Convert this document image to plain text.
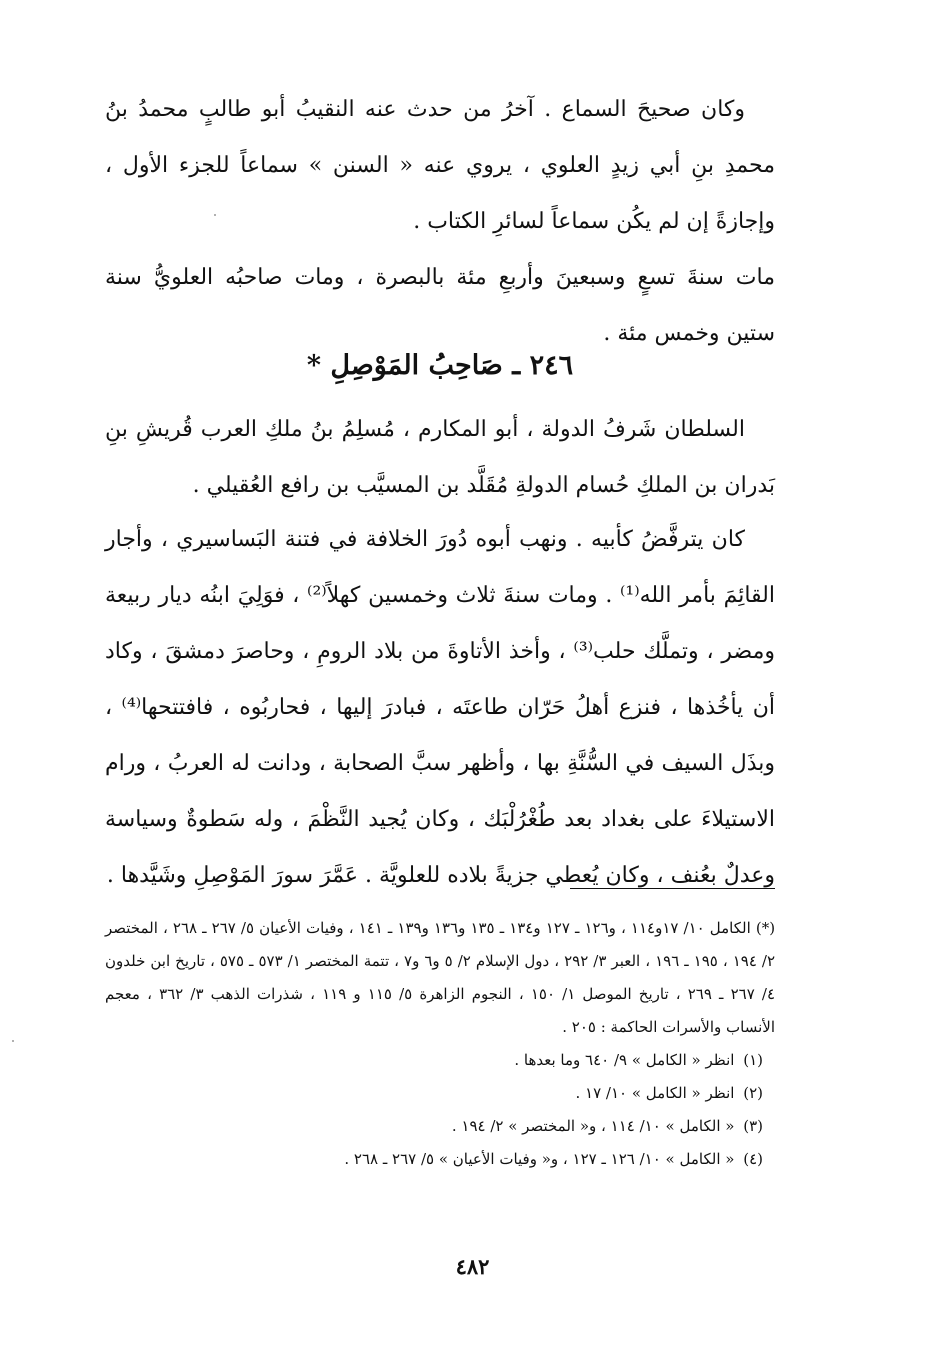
وكان صحيحَ السماع . آخرُ من حدث عنه النقيبُ أبو طالبٍ محمدُ بنُ محمدِ بنِ أبي زيدٍ العلوي ، يروي عنه « السنن » سماعاً للجزء الأول ، وإجازةً إن لم يكُن سماعاً لسائرِ الكتاب .

مات سنةَ تسعٍ وسبعينَ وأربعِ مئة بالبصرة ، ومات صاحبُه العلويُّ سنة ستين وخمس مئة .

٢٤٦ ـ صَاحِبُ المَوْصِلِ *

السلطان شَرفُ الدولة ، أبو المكارم ، مُسلِمُ بنُ ملكِ العرب قُريشِ بنِ بَدران بن الملكِ حُسام الدولةِ مُقَلَّد بن المسيَّب بن رافع العُقيلي .

كان يترفَّضُ كأبيه . ونهب أبوه دُورَ الخلافة في فتنة البَساسيري ، وأجار القائِمَ بأمر الله⁽¹⁾ . ومات سنةَ ثلاث وخمسين كهلاً⁽²⁾ ، فوَلِيَ ابنُه ديار ربيعة ومضر ، وتملَّك حلب⁽³⁾ ، وأخذ الأتاوةَ من بلاد الرومِ ، وحاصرَ دمشقَ ، وكاد أن يأخُذها ، فنزع أهلُ حَرّان طاعتَه ، فبادرَ إليها ، فحاربُوه ، فافتتحها⁽⁴⁾ ، وبذَل السيف في السُّنَّةِ بها ، وأظهر سبَّ الصحابة ، ودانت له العربُ ، ورام الاستيلاءَ على بغداد بعد طُغْرُلْبَك ، وكان يُجيد النَّظْمَ ، وله سَطوةٌ وسياسة وعدلٌ بعُنف ، وكان يُعطي جزيةً بلاده للعلويَّة . عَمَّرَ سورَ المَوْصِلِ وشَيَّدها .

(*) الكامل ١٠/ ١٧و١١٤ ، و١٢٦ ـ ١٢٧ و١٣٤ ـ ١٣٥ و١٣٦ و١٣٩ ـ ١٤١ ، وفيات الأعيان ٥/ ٢٦٧ ـ ٢٦٨ ، المختصر ٢/ ١٩٤ ، ١٩٥ ـ ١٩٦ ، العبر ٣/ ٢٩٢ ، دول الإسلام ٢/ ٥ و٦ و٧ ، تتمة المختصر ١/ ٥٧٣ ـ ٥٧٥ ، تاريخ ابن خلدون ٤/ ٢٦٧ ـ ٢٦٩ ، تاريخ الموصل ١/ ١٥٠ ، النجوم الزاهرة ٥/ ١١٥ و ١١٩ ، شذرات الذهب ٣/ ٣٦٢ ، معجم الأنساب والأسرات الحاكمة : ٢٠٥ .

(١) انظر « الكامل » ٩/ ٦٤٠ وما بعدها .

(٢) انظر « الكامل » ١٠/ ١٧ .

(٣) « الكامل » ١٠/ ١١٤ ، و« المختصر » ٢/ ١٩٤ .

(٤) « الكامل » ١٠/ ١٢٦ ـ ١٢٧ ، و« وفيات الأعيان » ٥/ ٢٦٧ ـ ٢٦٨ .

٤٨٢
